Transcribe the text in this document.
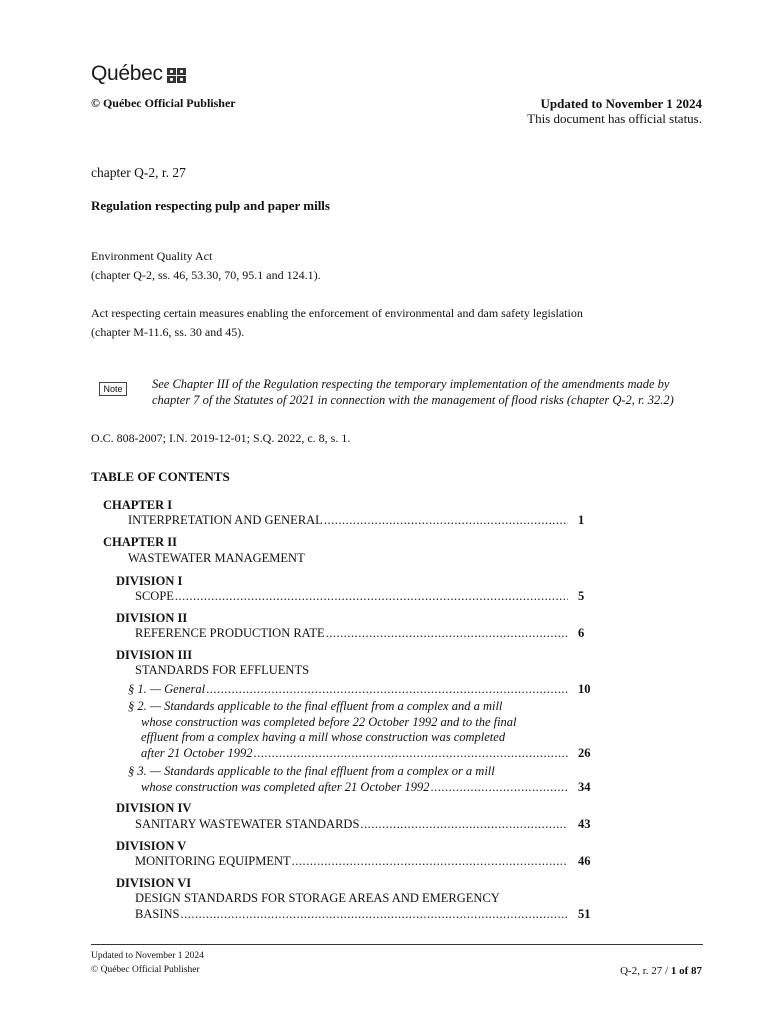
Québec
© Québec Official Publisher	Updated to November 1 2024
This document has official status.
chapter Q-2, r. 27
Regulation respecting pulp and paper mills
Environment Quality Act
(chapter Q-2, ss. 46, 53.30, 70, 95.1 and 124.1).
Act respecting certain measures enabling the enforcement of environmental and dam safety legislation
(chapter M-11.6, ss. 30 and 45).
Note	See Chapter III of the Regulation respecting the temporary implementation of the amendments made by chapter 7 of the Statutes of 2021 in connection with the management of flood risks (chapter Q-2, r. 32.2)
O.C. 808-2007; I.N. 2019-12-01; S.Q. 2022, c. 8, s. 1.
TABLE OF CONTENTS
CHAPTER I
INTERPRETATION AND GENERAL .....	1
CHAPTER II
WASTEWATER MANAGEMENT
DIVISION I
SCOPE .....	5
DIVISION II
REFERENCE PRODUCTION RATE .....	6
DIVISION III
STANDARDS FOR EFFLUENTS
§ 1. — General .....	10
§ 2. — Standards applicable to the final effluent from a complex and a mill
whose construction was completed before 22 October 1992 and to the final
effluent from a complex having a mill whose construction was completed
after 21 October 1992 .....	26
§ 3. — Standards applicable to the final effluent from a complex or a mill
whose construction was completed after 21 October 1992 .....	34
DIVISION IV
SANITARY WASTEWATER STANDARDS .....	43
DIVISION V
MONITORING EQUIPMENT .....	46
DIVISION VI
DESIGN STANDARDS FOR STORAGE AREAS AND EMERGENCY
BASINS .....	51
Updated to November 1 2024
© Québec Official Publisher	Q-2, r. 27 / 1 of 87
